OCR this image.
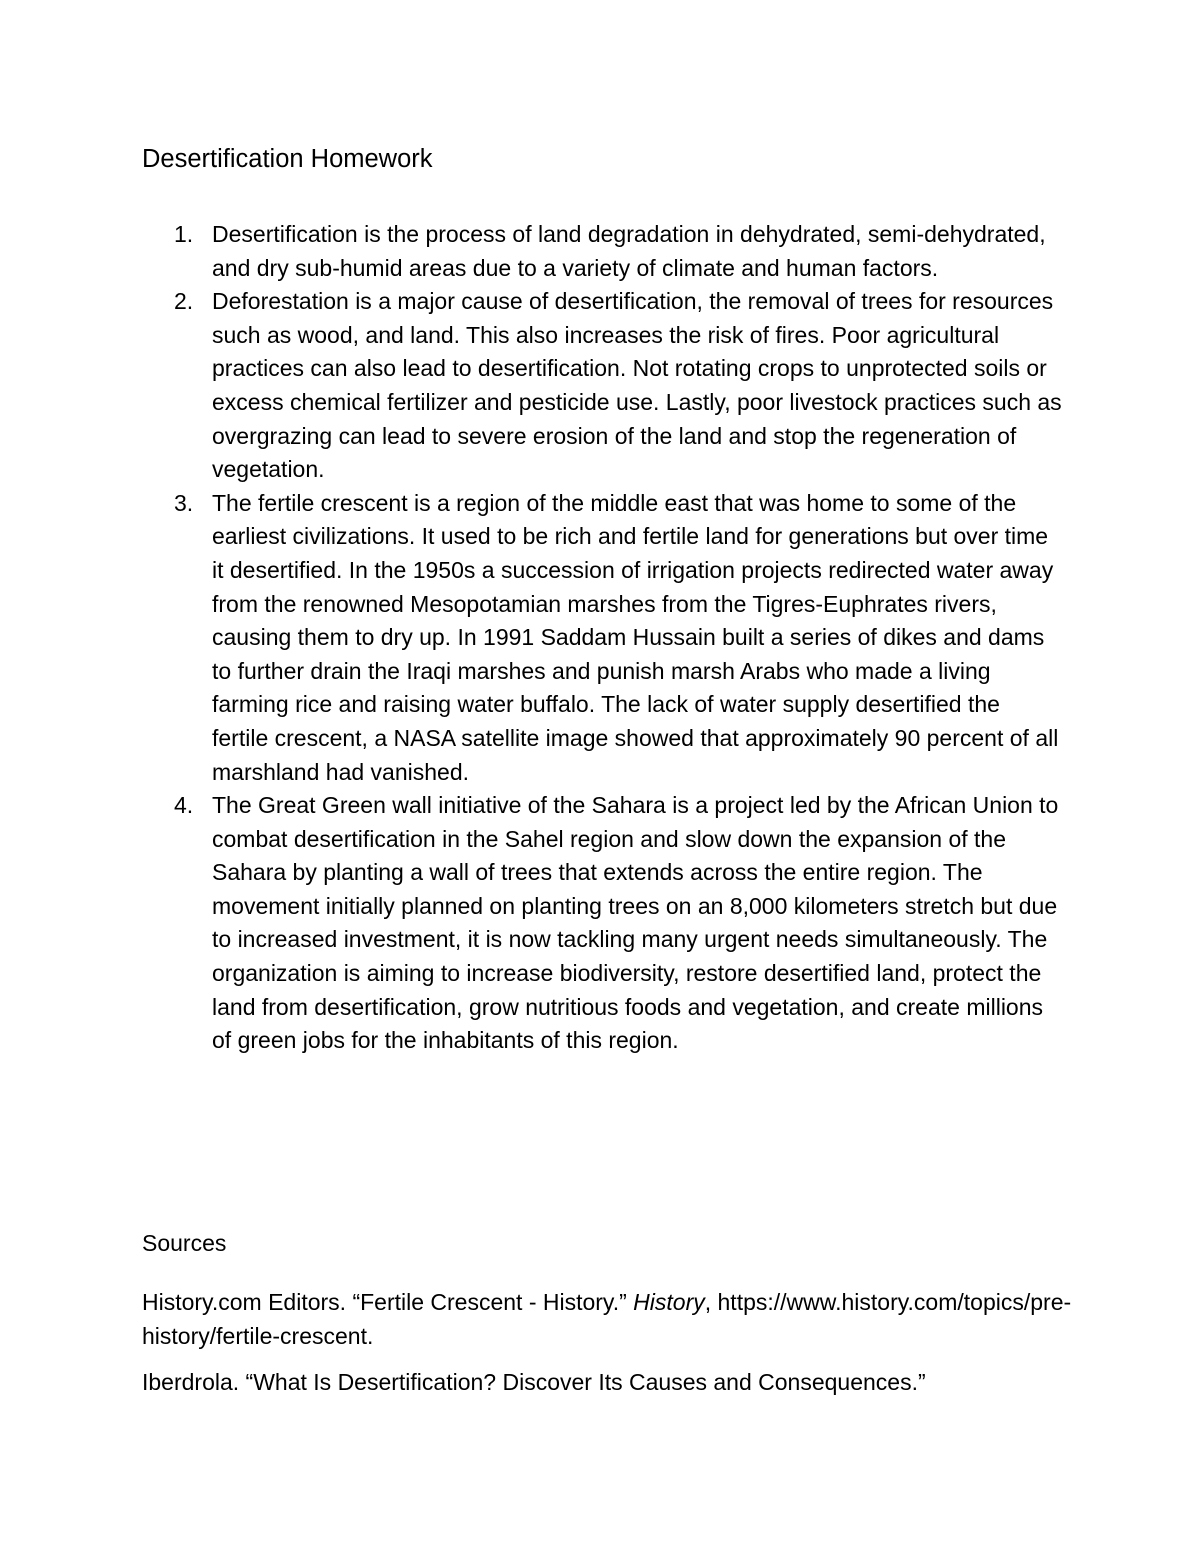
Desertification Homework
1. Desertification is the process of land degradation in dehydrated, semi-dehydrated, and dry sub-humid areas due to a variety of climate and human factors.
2. Deforestation is a major cause of desertification, the removal of trees for resources such as wood, and land. This also increases the risk of fires. Poor agricultural practices can also lead to desertification. Not rotating crops to unprotected soils or excess chemical fertilizer and pesticide use. Lastly, poor livestock practices such as overgrazing can lead to severe erosion of the land and stop the regeneration of vegetation.
3. The fertile crescent is a region of the middle east that was home to some of the earliest civilizations. It used to be rich and fertile land for generations but over time it desertified. In the 1950s a succession of irrigation projects redirected water away from the renowned Mesopotamian marshes from the Tigres-Euphrates rivers, causing them to dry up. In 1991 Saddam Hussain built a series of dikes and dams to further drain the Iraqi marshes and punish marsh Arabs who made a living farming rice and raising water buffalo. The lack of water supply desertified the fertile crescent, a NASA satellite image showed that approximately 90 percent of all marshland had vanished.
4. The Great Green wall initiative of the Sahara is a project led by the African Union to combat desertification in the Sahel region and slow down the expansion of the Sahara by planting a wall of trees that extends across the entire region. The movement initially planned on planting trees on an 8,000 kilometers stretch but due to increased investment, it is now tackling many urgent needs simultaneously. The organization is aiming to increase biodiversity, restore desertified land, protect the land from desertification, grow nutritious foods and vegetation, and create millions of green jobs for the inhabitants of this region.
Sources

History.com Editors. “Fertile Crescent - History.” History, https://www.history.com/topics/pre-history/fertile-crescent.

Iberdrola. “What Is Desertification? Discover Its Causes and Consequences.”
